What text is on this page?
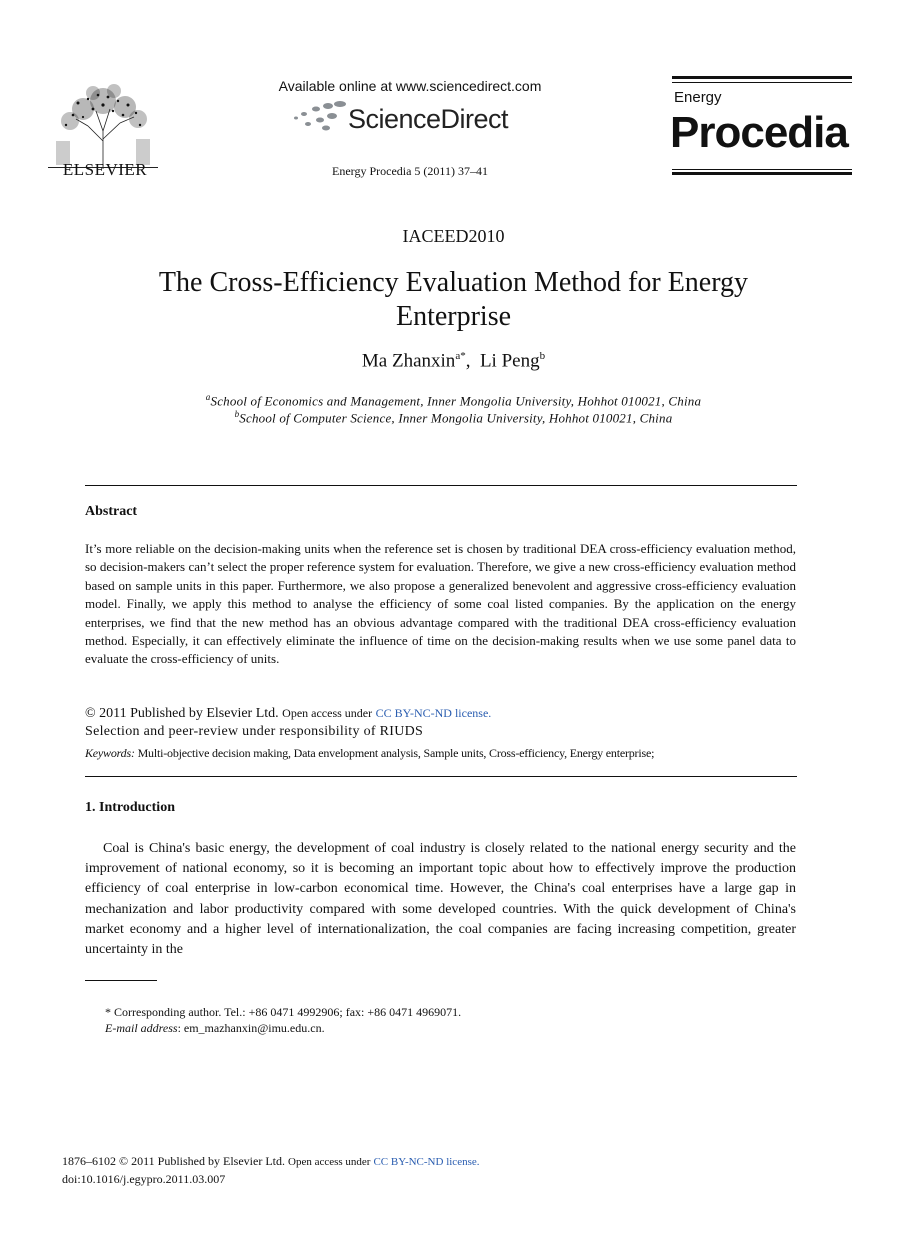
ELSEVIER
Available online at www.sciencedirect.com
ScienceDirect
Energy Procedia 5 (2011) 37–41
Energy
Procedia
IACEED2010
The Cross-Efficiency Evaluation Method for Energy Enterprise
Ma Zhanxin$^{a*}$,  Li Peng$^b$
$^a$School of Economics and Management, Inner Mongolia University, Hohhot 010021, China
$^b$School of Computer Science, Inner Mongolia University, Hohhot 010021, China
Abstract
It’s more reliable on the decision-making units when the reference set is chosen by traditional DEA cross-efficiency evaluation method, so decision-makers can’t select the proper reference system for evaluation. Therefore, we give a new cross-efficiency evaluation method based on sample units in this paper. Furthermore, we also propose a generalized benevolent and aggressive cross-efficiency evaluation model. Finally, we apply this method to analyse the efficiency of some coal listed companies. By the application on the energy enterprises, we find that the new method has an obvious advantage compared with the traditional DEA cross-efficiency evaluation method. Especially, it can effectively eliminate the influence of time on the decision-making results when we use some panel data to evaluate the cross-efficiency of units.
© 2011 Published by Elsevier Ltd. Open access under CC BY-NC-ND license.
Selection and peer-review under responsibility of RIUDS
Keywords: Multi-objective decision making, Data envelopment analysis, Sample units, Cross-efficiency, Energy enterprise;
1. Introduction
Coal is China's basic energy, the development of coal industry is closely related to the national energy security and the improvement of national economy, so it is becoming an important topic about how to effectively improve the production efficiency of coal enterprise in low-carbon economical time. However, the China's coal enterprises have a large gap in mechanization and labor productivity compared with some developed countries. With the quick development of China's market economy and a higher level of internationalization, the coal companies are facing increasing competition, greater uncertainty in the
* Corresponding author. Tel.: +86 0471 4992906; fax: +86 0471 4969071.
E-mail address: em_mazhanxin@imu.edu.cn.
1876–6102 © 2011 Published by Elsevier Ltd. Open access under CC BY-NC-ND license.
doi:10.1016/j.egypro.2011.03.007
